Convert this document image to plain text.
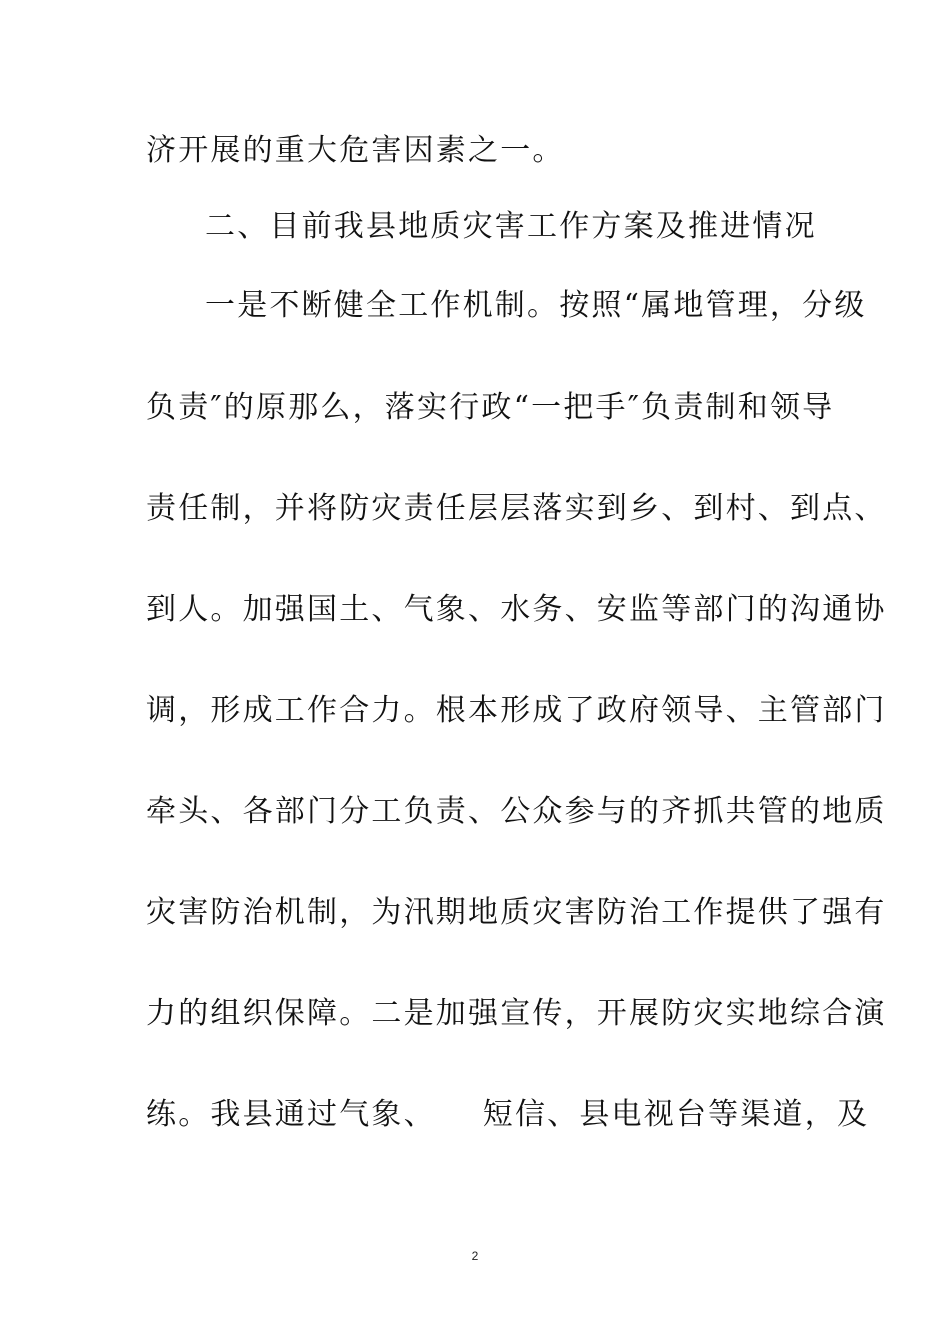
济开展的重大危害因素之一。
二、目前我县地质灾害工作方案及推进情况
一是不断健全工作机制。按照“属地管理，分级
负责″的原那么，落实行政“一把手″负责制和领导
责任制，并将防灾责任层层落实到乡、到村、到点、
到人。加强国土、气象、水务、安监等部门的沟通协
调，形成工作合力。根本形成了政府领导、主管部门
牵头、各部门分工负责、公众参与的齐抓共管的地质
灾害防治机制，为汛期地质灾害防治工作提供了强有
力的组织保障。二是加强宣传，开展防灾实地综合演
练。我县通过气象、    短信、县电视台等渠道，及
2
